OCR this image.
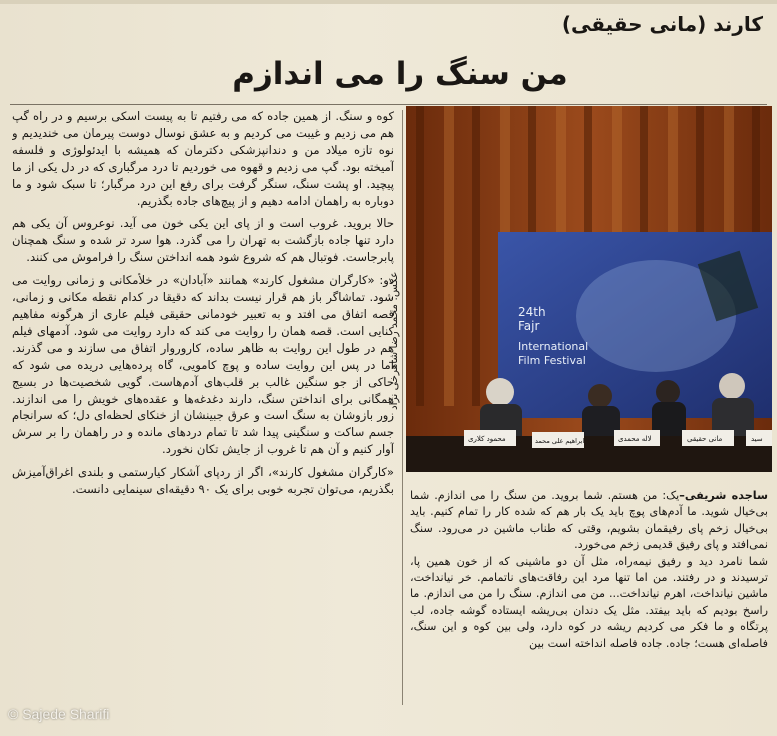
کارند (مانی حقیقی)
من سنگ را می اندازم

کوه و سنگ. از همین جاده که می رفتیم تا به پیست اسکی برسیم و در راه گپ هم می زدیم و غیبت می کردیم و به عشق نوسال دوست پیرمان می خندیدیم و نوه تازه میلاد من و دندانپزشکی دکترمان که همیشه با ایدئولوژی و فلسفه آمیخته بود. گپ می زدیم و قهوه می خوردیم تا درد مرگباری که در دل یکی از ما پیچید. او پشت سنگ، سنگر گرفت برای رفع این درد مرگبار؛ تا سبک شود و ما دوباره به راهمان ادامه دهیم و از پیچ‌های جاده بگذریم.

حالا بروید. غروب است و از پای این یکی خون می آید. نوعروس آن یکی هم دارد تنها جاده بازگشت به تهران را می گذرد. هوا سرد تر شده و سنگ همچنان پابرجاست. فوتبال هم که شروع شود همه انداختن سنگ را فراموش می کنند.

دو: «کارگران مشغول کارند» همانند «آبادان» در خلأمکانی و زمانی روایت می شود. تماشاگر باز هم قرار نیست بداند که دقیقا در کدام نقطه مکانی و زمانی، قصه اتفاق می افتد و به تعبیر خودمانی حقیقی فیلم عاری از هرگونه مفاهیم کنایی است. قصه همان را روایت می کند که دارد روایت می شود. آدمهای فیلم هم در طول این روایت به ظاهر ساده، کاروروار اتفاق می سازند و می گذرند. اما در پس این روایت ساده و پوچ کامویی، گاه پرده‌هایی دریده می شود که حاکی از جو سنگین غالب بر قلب‌های آدم‌هاست. گویی شخصیت‌ها در بسیج همگانی برای انداختن سنگ، دارند دغدغه‌ها و عقده‌های خویش را می اندازند. زور بازوشان به سنگ است و عرق جبینشان از خنکای لحظه‌ای دل؛ که سرانجام جسم ساکت و سنگینی پیدا شد تا تمام دردهای مانده و در راهمان را بر سرش آوار کنیم و آن هم تا غروب از جایش تکان نخورد.

«کارگران مشغول کارند»، اگر از ردپای آشکار کیارستمی و بلندی اغراق‌آمیزش بگذریم، می‌توان تجربه خوبی برای یک ۹۰ دقیقه‌ای سینمایی دانست.

عکس: محمد رضا شاهرخی نژاد	24th
Fajr
International
Film Festival
محمود کلاری	ابراهیم علی محمد	لاله محمدی	مانی حقیقی	سید

ساجده شریفی–یک: من هستم. شما بروید. من سنگ را می اندازم. شما بی‌خیال شوید. ما آدم‌های پوچ باید یک بار هم که شده کار را تمام کنیم. باید بی‌خیال زخم پای رفیقمان بشویم، وقتی که طناب ماشین در می‌رود. سنگ نمی‌افتد و پای رفیق قدیمی زخم می‌خورد.

شما نامرد دید و رفیق نیمه‌راه، مثل آن دو ماشینی که از خون همین پا، ترسیدند و در رفتند. من اما تنها مرد این رفاقت‌های ناتمامم. خر نیانداخت، ماشین نیانداخت، اهرم نیانداخت... من می اندازم. سنگ را من می اندازم. ما راسخ بودیم که باید بیفتد. مثل یک دندان بی‌ریشه ایستاده گوشه جاده، لب پرتگاه و ما فکر می کردیم ریشه در کوه دارد، ولی بین کوه و این سنگ، فاصله‌ای هست؛ جاده. جاده فاصله انداخته است بین

© Sajede Sharifi
